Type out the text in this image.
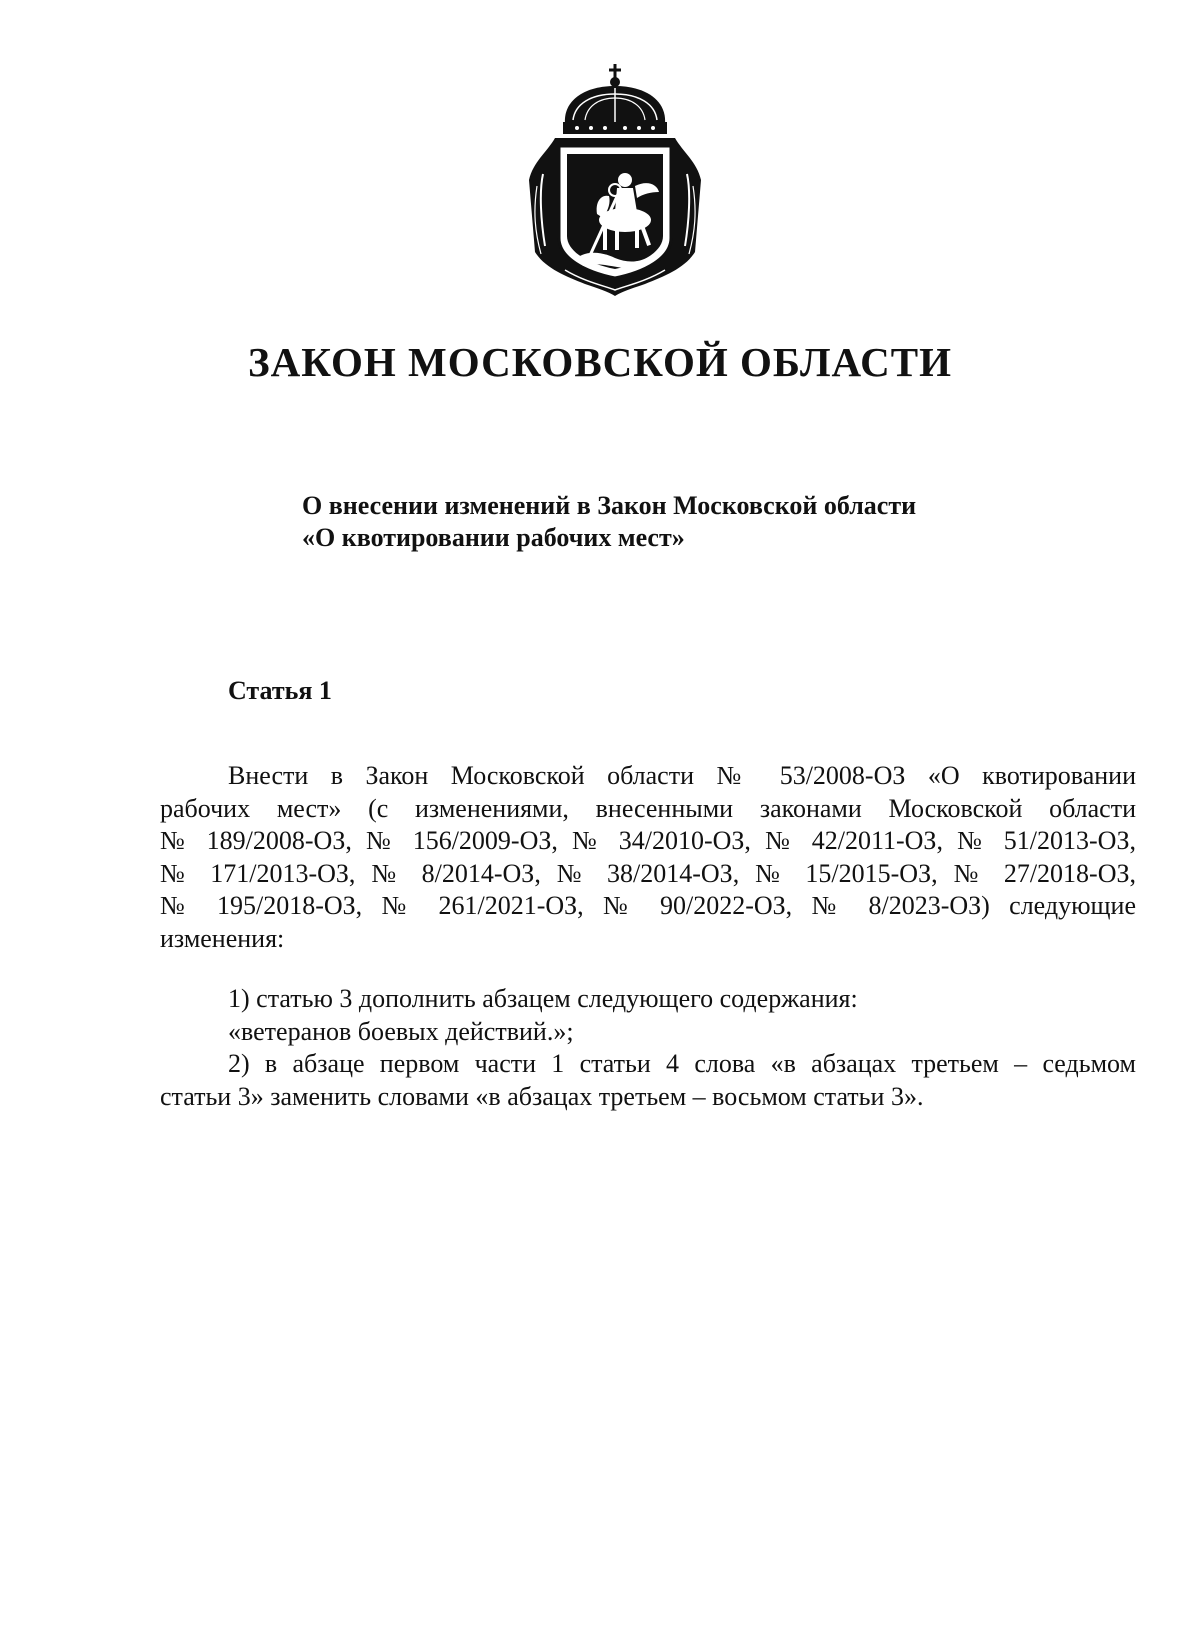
ЗАКОН МОСКОВСКОЙ ОБЛАСТИ
О внесении изменений в Закон Московской области
«О квотировании рабочих мест»
Статья 1
Внести в Закон Московской области № 53/2008-ОЗ «О квотировании
рабочих мест» (с изменениями, внесенными законами Московской области
№ 189/2008-ОЗ, № 156/2009-ОЗ, № 34/2010-ОЗ, № 42/2011-ОЗ, № 51/2013-ОЗ,
№ 171/2013-ОЗ, № 8/2014-ОЗ, № 38/2014-ОЗ, № 15/2015-ОЗ, № 27/2018-ОЗ,
№ 195/2018-ОЗ, № 261/2021-ОЗ, № 90/2022-ОЗ, № 8/2023-ОЗ) следующие
изменения:
1) статью 3 дополнить абзацем следующего содержания:
«ветеранов боевых действий.»;
2) в абзаце первом части 1 статьи 4 слова «в абзацах третьем – седьмом
статьи 3» заменить словами «в абзацах третьем – восьмом статьи 3».
